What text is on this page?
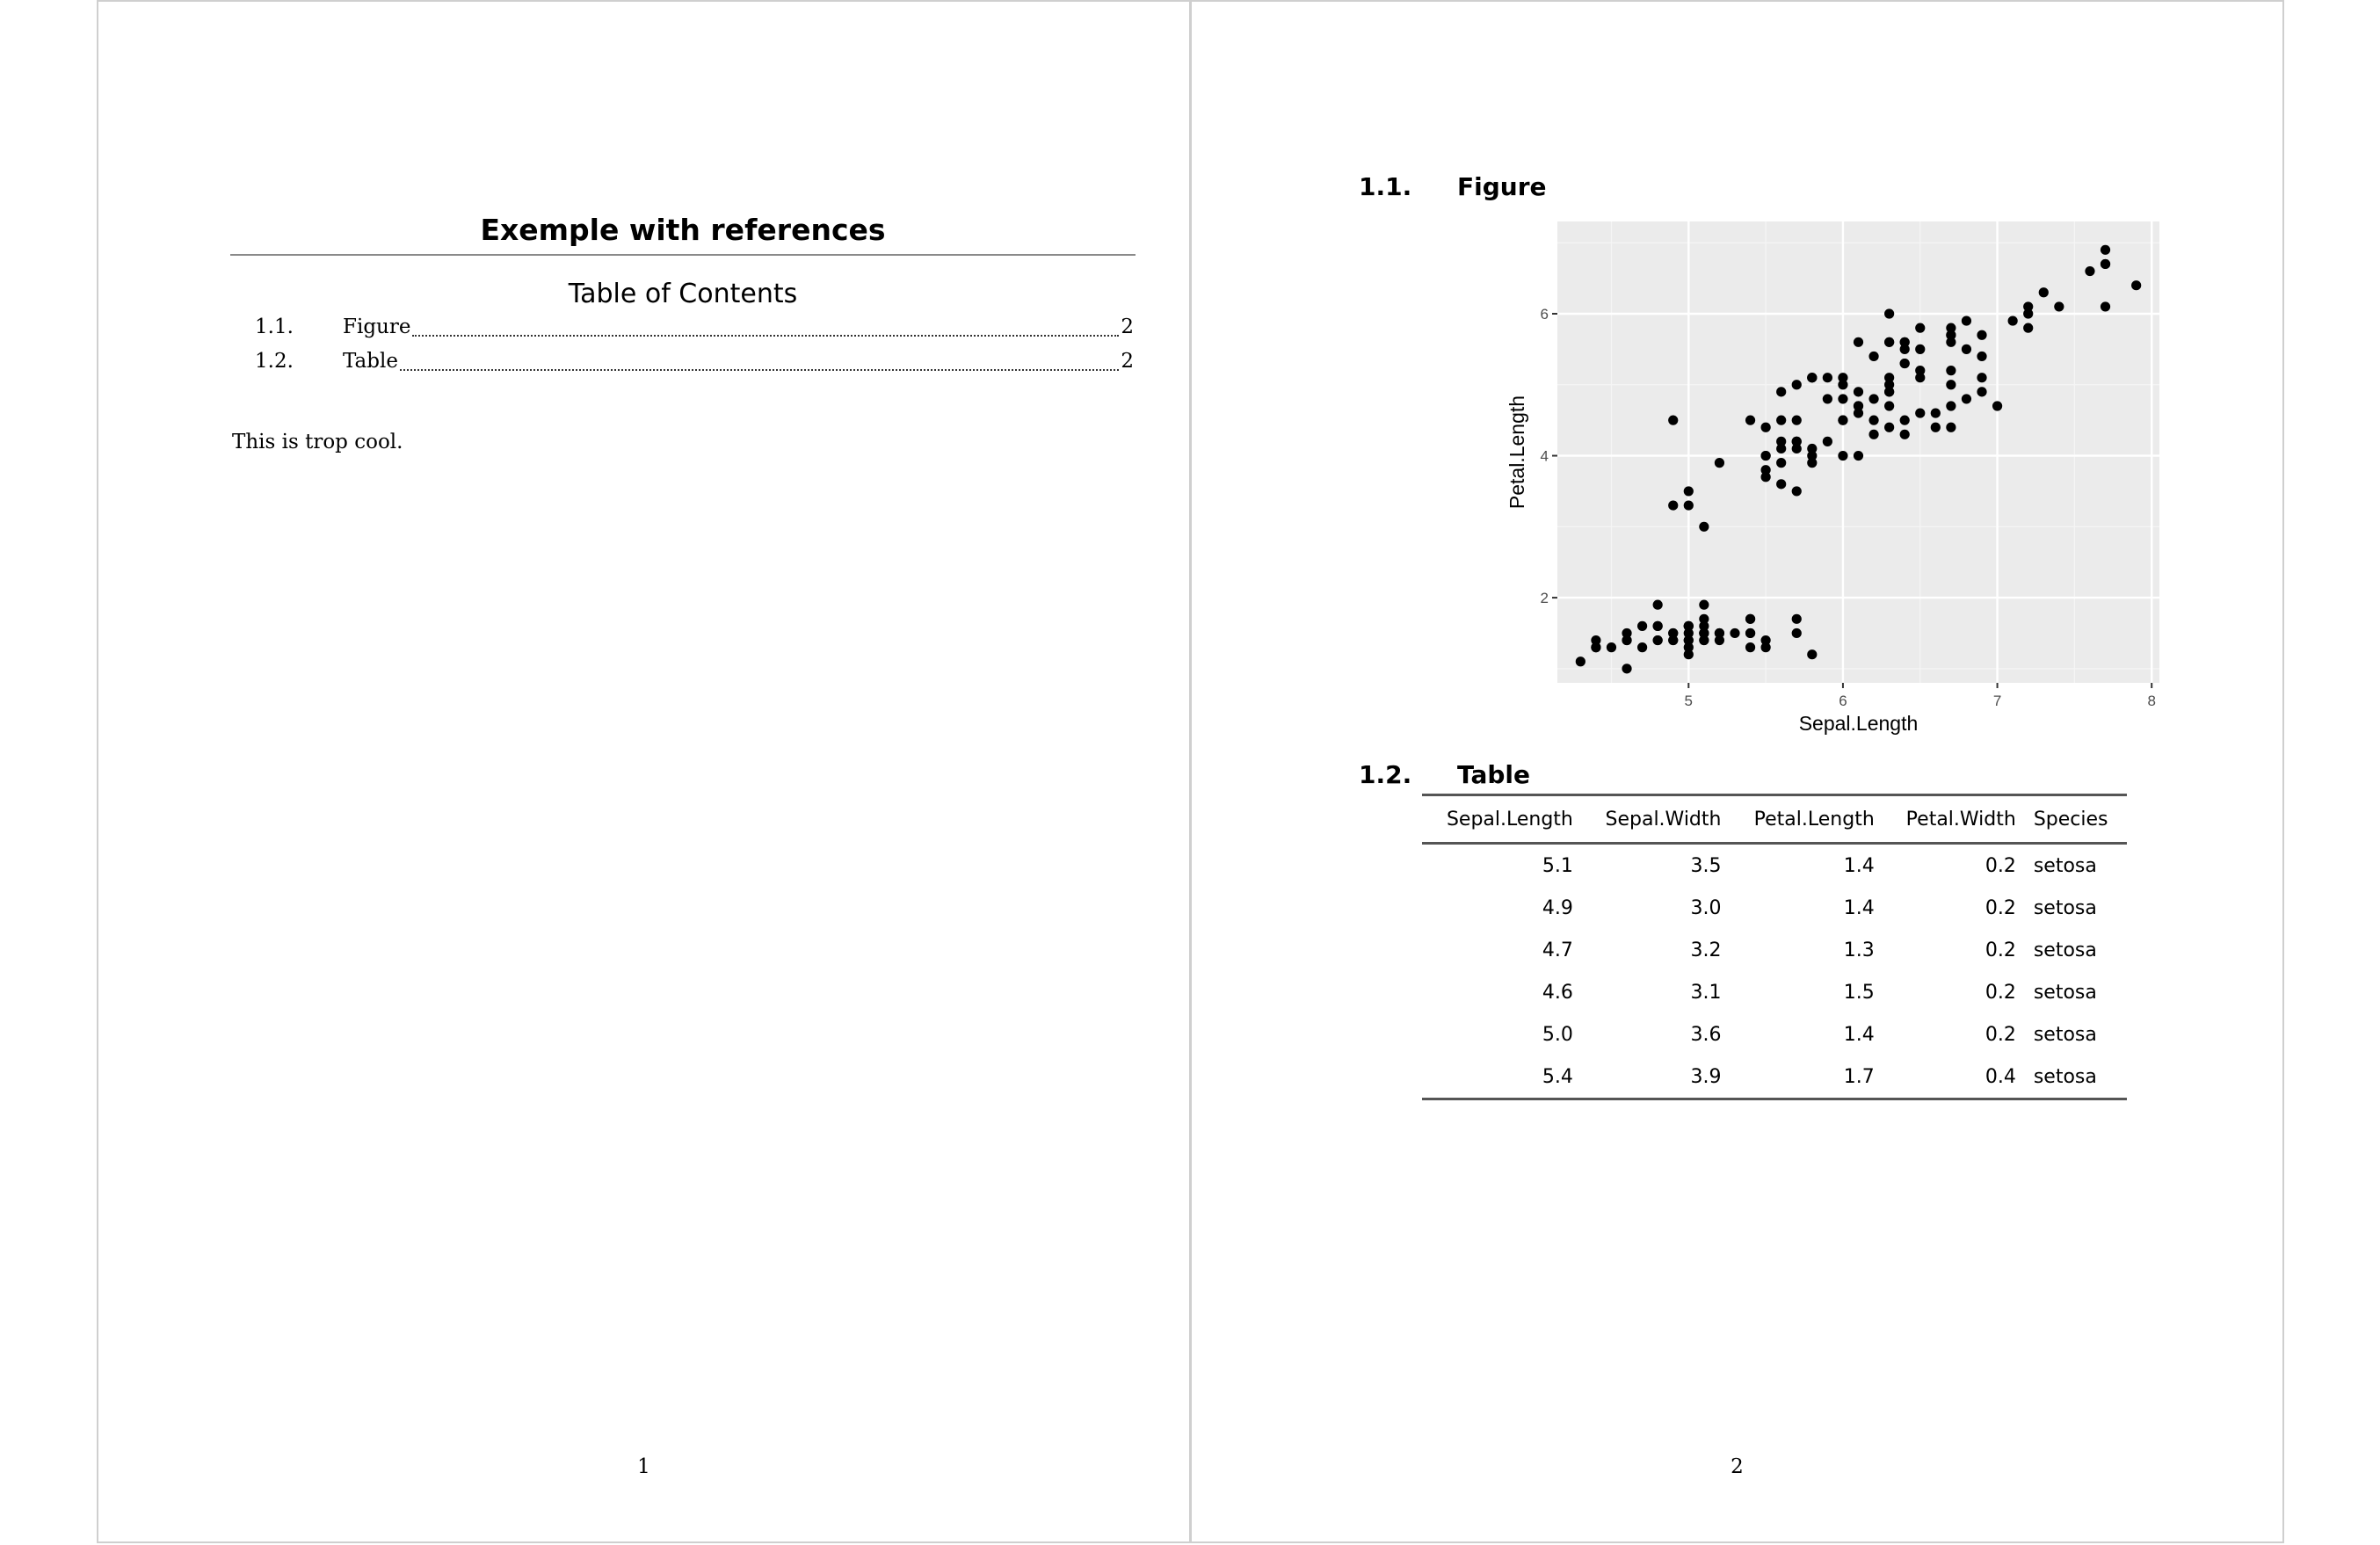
Exemple with references
Table of Contents
1.1.	Figure	2
1.2.	Table	2
This is trop cool.
1
1.1. Figure
5	6	7	8
2
4
6
Sepal.Length
Petal.Length
1.2. Table
Sepal.Length	Sepal.Width	Petal.Length	Petal.Width	Species
5.1	3.5	1.4	0.2	setosa
4.9	3.0	1.4	0.2	setosa
4.7	3.2	1.3	0.2	setosa
4.6	3.1	1.5	0.2	setosa
5.0	3.6	1.4	0.2	setosa
5.4	3.9	1.7	0.4	setosa
2
